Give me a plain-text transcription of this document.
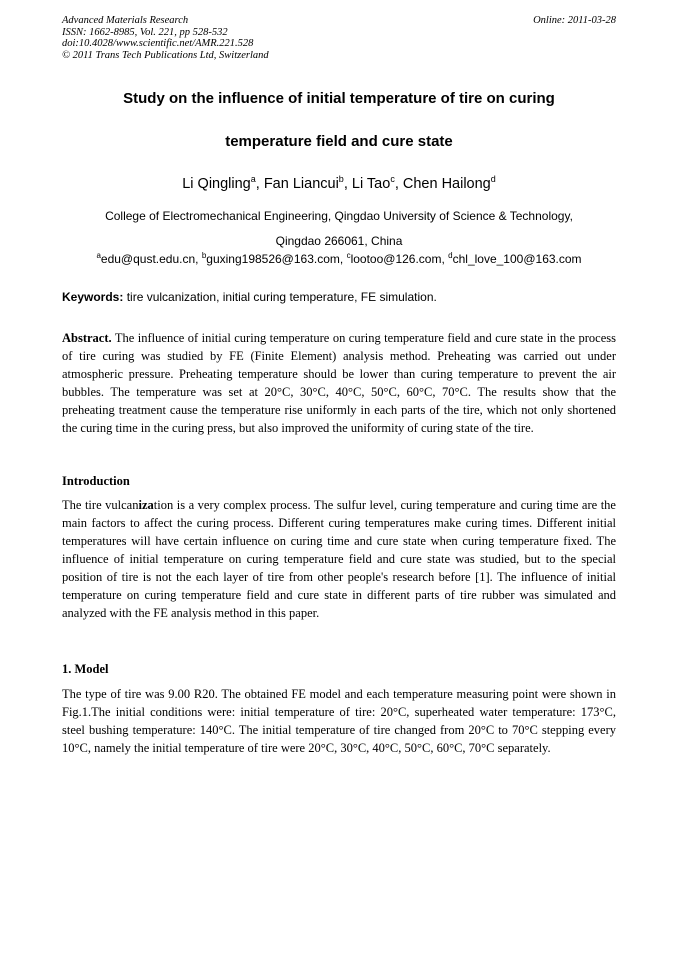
Advanced Materials Research
ISSN: 1662-8985, Vol. 221, pp 528-532
doi:10.4028/www.scientific.net/AMR.221.528
© 2011 Trans Tech Publications Ltd, Switzerland
Online: 2011-03-28
Study on the influence of initial temperature of tire on curing
temperature field and cure state
Li Qingling$^a$, Fan Liancui$^b$, Li Tao$^c$, Chen Hailong$^d$
College of Electromechanical Engineering, Qingdao University of Science & Technology,
Qingdao 266061, China
$^a$edu@qust.edu.cn, $^b$guxing198526@163.com, $^c$lootoo@126.com, $^d$chl_love_100@163.com
Keywords: tire vulcanization, initial curing temperature, FE simulation.
Abstract. The influence of initial curing temperature on curing temperature field and cure state in the process of tire curing was studied by FE (Finite Element) analysis method. Preheating was carried out under atmospheric pressure. Preheating temperature should be lower than curing temperature to prevent the air bubbles. The temperature was set at 20°C, 30°C, 40°C, 50°C, 60°C, 70°C. The results show that the preheating treatment cause the temperature rise uniformly in each parts of the tire, which not only shortened the curing time in the curing press, but also improved the uniformity of curing state of the tire.
Introduction
The tire vulcanization is a very complex process. The sulfur level, curing temperature and curing time are the main factors to affect the curing process. Different curing temperatures make curing times. Different initial temperatures will have certain influence on curing time and cure state when curing temperature fixed. The influence of initial temperature on curing temperature field and cure state was studied, but to the special position of tire is not the each layer of tire from other people's research before [1]. The influence of initial temperature on curing temperature field and cure state in different parts of tire rubber was simulated and analyzed with the FE analysis method in this paper.
1. Model
The type of tire was 9.00 R20. The obtained FE model and each temperature measuring point were shown in Fig.1.The initial conditions were: initial temperature of tire: 20°C, superheated water temperature: 173°C, steel bushing temperature: 140°C. The initial temperature of tire changed from 20°C to 70°C stepping every 10°C, namely the initial temperature of tire were 20°C, 30°C, 40°C, 50°C, 60°C, 70°C separately.
